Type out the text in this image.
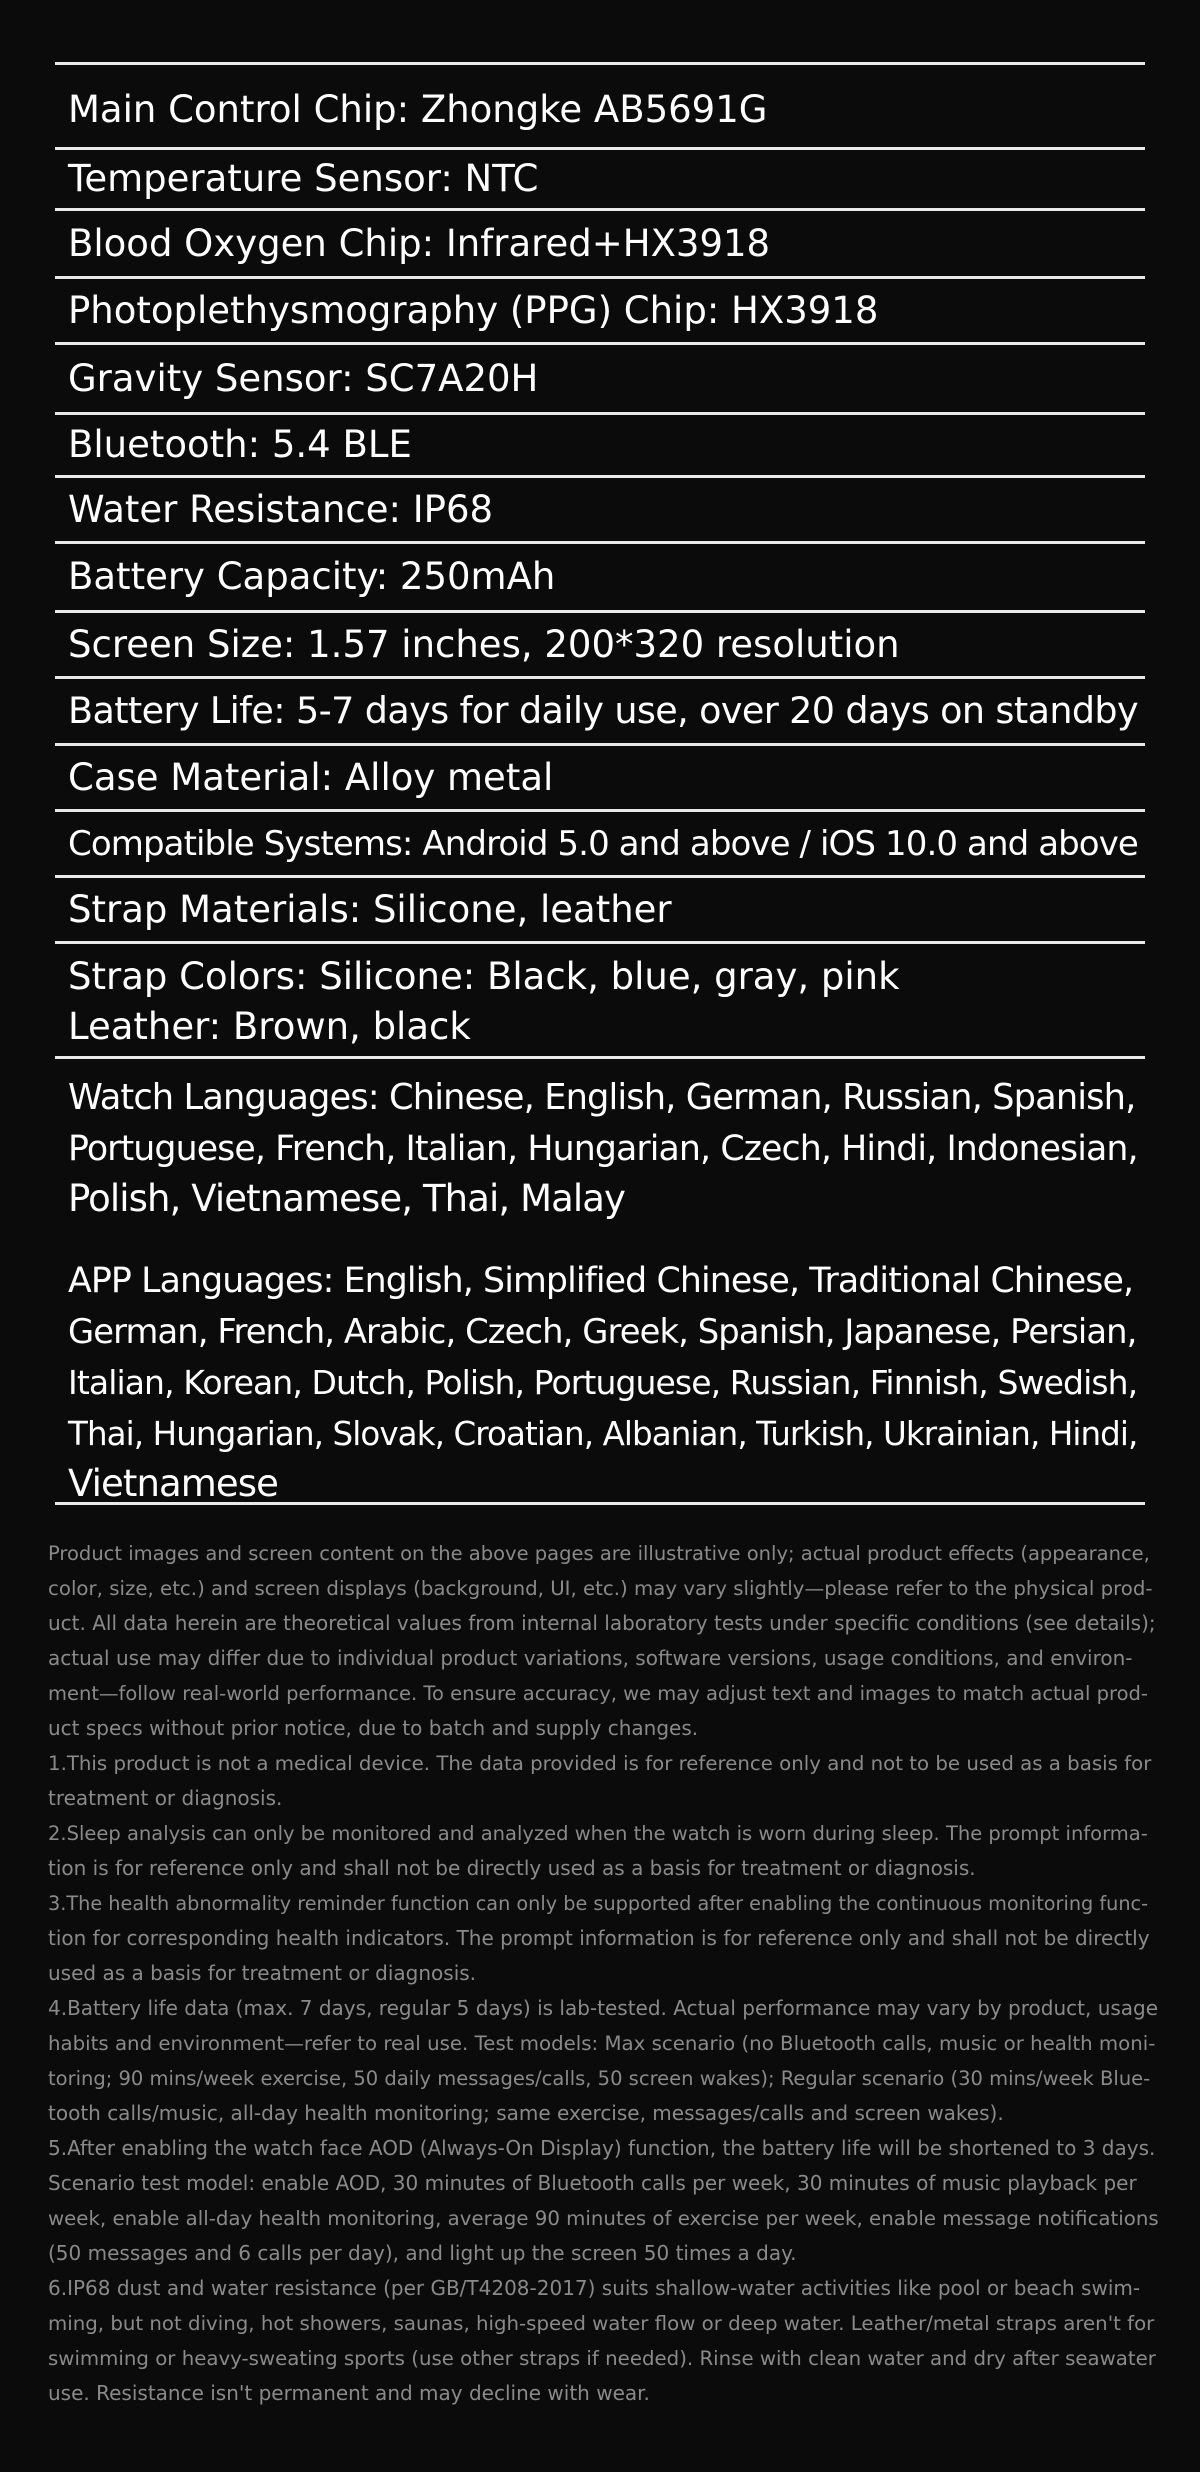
Main Control Chip: Zhongke AB5691G
Temperature Sensor: NTC
Blood Oxygen Chip: Infrared+HX3918
Photoplethysmography (PPG) Chip: HX3918
Gravity Sensor: SC7A20H
Bluetooth: 5.4 BLE
Water Resistance: IP68
Battery Capacity: 250mAh
Screen Size: 1.57 inches, 200*320 resolution
Battery Life: 5-7 days for daily use, over 20 days on standby
Case Material: Alloy metal
Compatible Systems: Android 5.0 and above / iOS 10.0 and above
Strap Materials: Silicone, leather
Strap Colors: Silicone: Black, blue, gray, pink Leather: Brown, black
Watch Languages: Chinese, English, German, Russian, Spanish, Portuguese, French, Italian, Hungarian, Czech, Hindi, Indonesian, Polish, Vietnamese, Thai, Malay
APP Languages: English, Simplified Chinese, Traditional Chinese, German, French, Arabic, Czech, Greek, Spanish, Japanese, Persian, Italian, Korean, Dutch, Polish, Portuguese, Russian, Finnish, Swedish, Thai, Hungarian, Slovak, Croatian, Albanian, Turkish, Ukrainian, Hindi, Vietnamese
Product images and screen content on the above pages are illustrative only; actual product effects (appearance,
color, size, etc.) and screen displays (background, UI, etc.) may vary slightly—please refer to the physical prod-
uct. All data herein are theoretical values from internal laboratory tests under specific conditions (see details);
actual use may differ due to individual product variations, software versions, usage conditions, and environ-
ment—follow real-world performance. To ensure accuracy, we may adjust text and images to match actual prod-
uct specs without prior notice, due to batch and supply changes.
1.This product is not a medical device. The data provided is for reference only and not to be used as a basis for
treatment or diagnosis.
2.Sleep analysis can only be monitored and analyzed when the watch is worn during sleep. The prompt informa-
tion is for reference only and shall not be directly used as a basis for treatment or diagnosis.
3.The health abnormality reminder function can only be supported after enabling the continuous monitoring func-
tion for corresponding health indicators. The prompt information is for reference only and shall not be directly
used as a basis for treatment or diagnosis.
4.Battery life data (max. 7 days, regular 5 days) is lab-tested. Actual performance may vary by product, usage
habits and environment—refer to real use. Test models: Max scenario (no Bluetooth calls, music or health moni-
toring; 90 mins/week exercise, 50 daily messages/calls, 50 screen wakes); Regular scenario (30 mins/week Blue-
tooth calls/music, all-day health monitoring; same exercise, messages/calls and screen wakes).
5.After enabling the watch face AOD (Always-On Display) function, the battery life will be shortened to 3 days.
Scenario test model: enable AOD, 30 minutes of Bluetooth calls per week, 30 minutes of music playback per
week, enable all-day health monitoring, average 90 minutes of exercise per week, enable message notifications
(50 messages and 6 calls per day), and light up the screen 50 times a day.
6.IP68 dust and water resistance (per GB/T4208-2017) suits shallow-water activities like pool or beach swim-
ming, but not diving, hot showers, saunas, high-speed water flow or deep water. Leather/metal straps aren't for
swimming or heavy-sweating sports (use other straps if needed). Rinse with clean water and dry after seawater
use. Resistance isn't permanent and may decline with wear.
